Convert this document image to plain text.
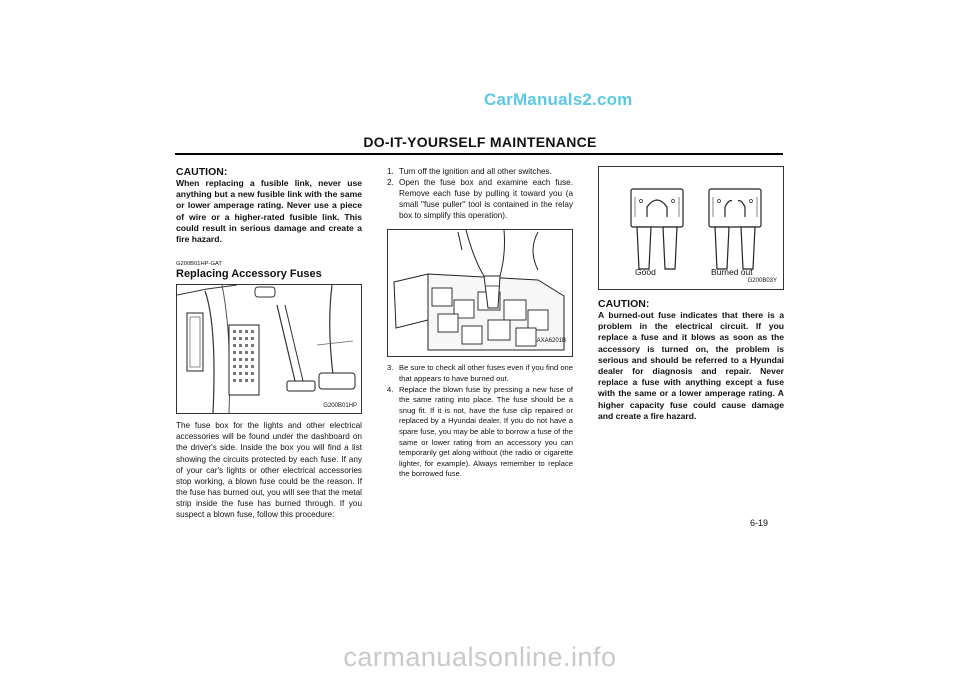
CarManuals2.com
DO-IT-YOURSELF MAINTENANCE
CAUTION:
When replacing a fusible link, never use anything but a new fusible link with the same or lower amperage rating. Never use a piece of wire or a higher-rated fusible link. This could result in serious damage and create a fire hazard.
G200B01HP-GAT
Replacing Accessory Fuses
G200B01HP
The fuse box for the lights and other electrical accessories will be found under the dashboard on the driver's side. Inside the box you will find a list showing the circuits protected by each fuse. If any of your car's lights or other electrical accessories stop working, a blown fuse could be the reason. If the fuse has burned out, you will see that the metal strip inside the fuse has burned through. If you suspect a blown fuse, follow this procedure:
1. Turn off the ignition and all other switches.
2. Open the fuse box and examine each fuse. Remove each fuse by pulling it toward you (a small "fuse puller" tool is contained in the relay box to simplify this operation).
AXA6201B
3. Be sure to check all other fuses even if you find one that appears to have burned out.
4. Replace the blown fuse by pressing a new fuse of the same rating into place. The fuse should be a snug fit. If it is not, have the fuse clip repaired or replaced by a Hyundai dealer. If you do not have a spare fuse, you may be able to borrow a fuse of the same or lower rating from an accessory you can temporarily get along without (the radio or cigarette lighter, for example). Always remember to replace the borrowed fuse.
Good	Burned out
G200B03Y
CAUTION:
A burned-out fuse indicates that there is a problem in the electrical circuit. If you replace a fuse and it blows as soon as the accessory is turned on, the problem is serious and should be referred to a Hyundai dealer for diagnosis and repair. Never replace a fuse with anything except a fuse with the same or a lower amperage rating. A higher capacity fuse could cause damage and create a fire hazard.
6-19
carmanualsonline.info
